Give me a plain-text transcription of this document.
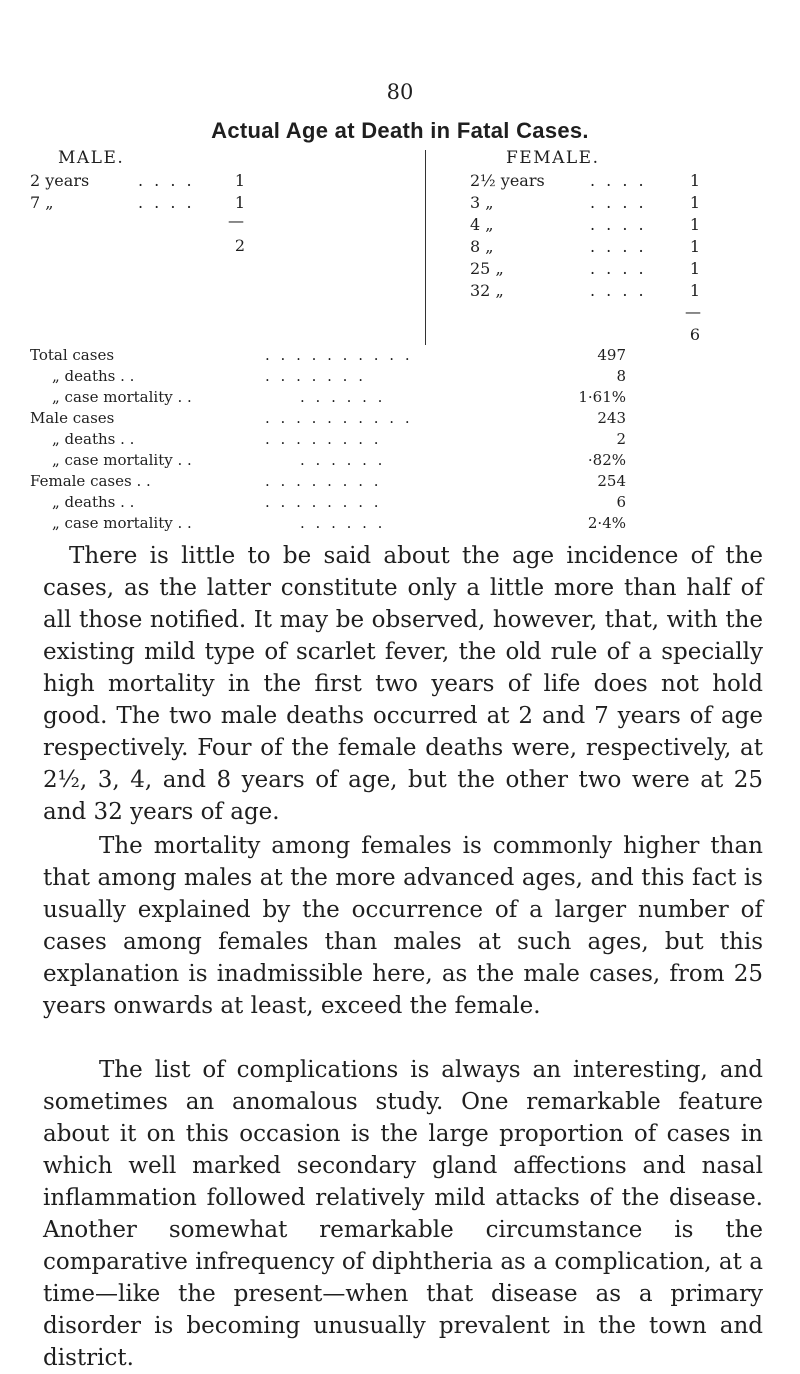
80
Actual Age at Death in Fatal Cases.
MALE.
2 years	. . . .	1
7 „	. . . .	1
—
2
FEMALE.
2½ years	. . . .	1
3 „	. . . .	1
4 „	. . . .	1
8 „	. . . .	1
25 „	. . . .	1
32 „	. . . .	1
—
6
Total cases	. . . . . . . . . .	497
„ deaths . .	. . . . . . .	8
„ case mortality . .	. . . . . .	1·61%
Male cases	. . . . . . . . . .	243
„ deaths . .	. . . . . . . .	2
„ case mortality . .	. . . . . .	·82%
Female cases . .	. . . . . . . .	254
„ deaths . .	. . . . . . . .	6
„ case mortality . .	. . . . . .	2·4%

There is little to be said about the age incidence of the cases, as the latter constitute only a little more than half of all those notified. It may be observed, however, that, with the existing mild type of scarlet fever, the old rule of a specially high mortality in the first two years of life does not hold good. The two male deaths occurred at 2 and 7 years of age respectively. Four of the female deaths were, respectively, at 2½, 3, 4, and 8 years of age, but the other two were at 25 and 32 years of age.

The mortality among females is commonly higher than that among males at the more advanced ages, and this fact is usually explained by the occurrence of a larger number of cases among females than males at such ages, but this explanation is inadmissible here, as the male cases, from 25 years onwards at least, exceed the female.

The list of complications is always an interesting, and sometimes an anomalous study. One remarkable feature about it on this occasion is the large proportion of cases in which well marked secondary gland affections and nasal inflammation followed relatively mild attacks of the disease. Another somewhat remarkable circumstance is the comparative infrequency of diphtheria as a complication, at a time—like the present—when that disease as a primary disorder is becoming unusually prevalent in the town and district.
